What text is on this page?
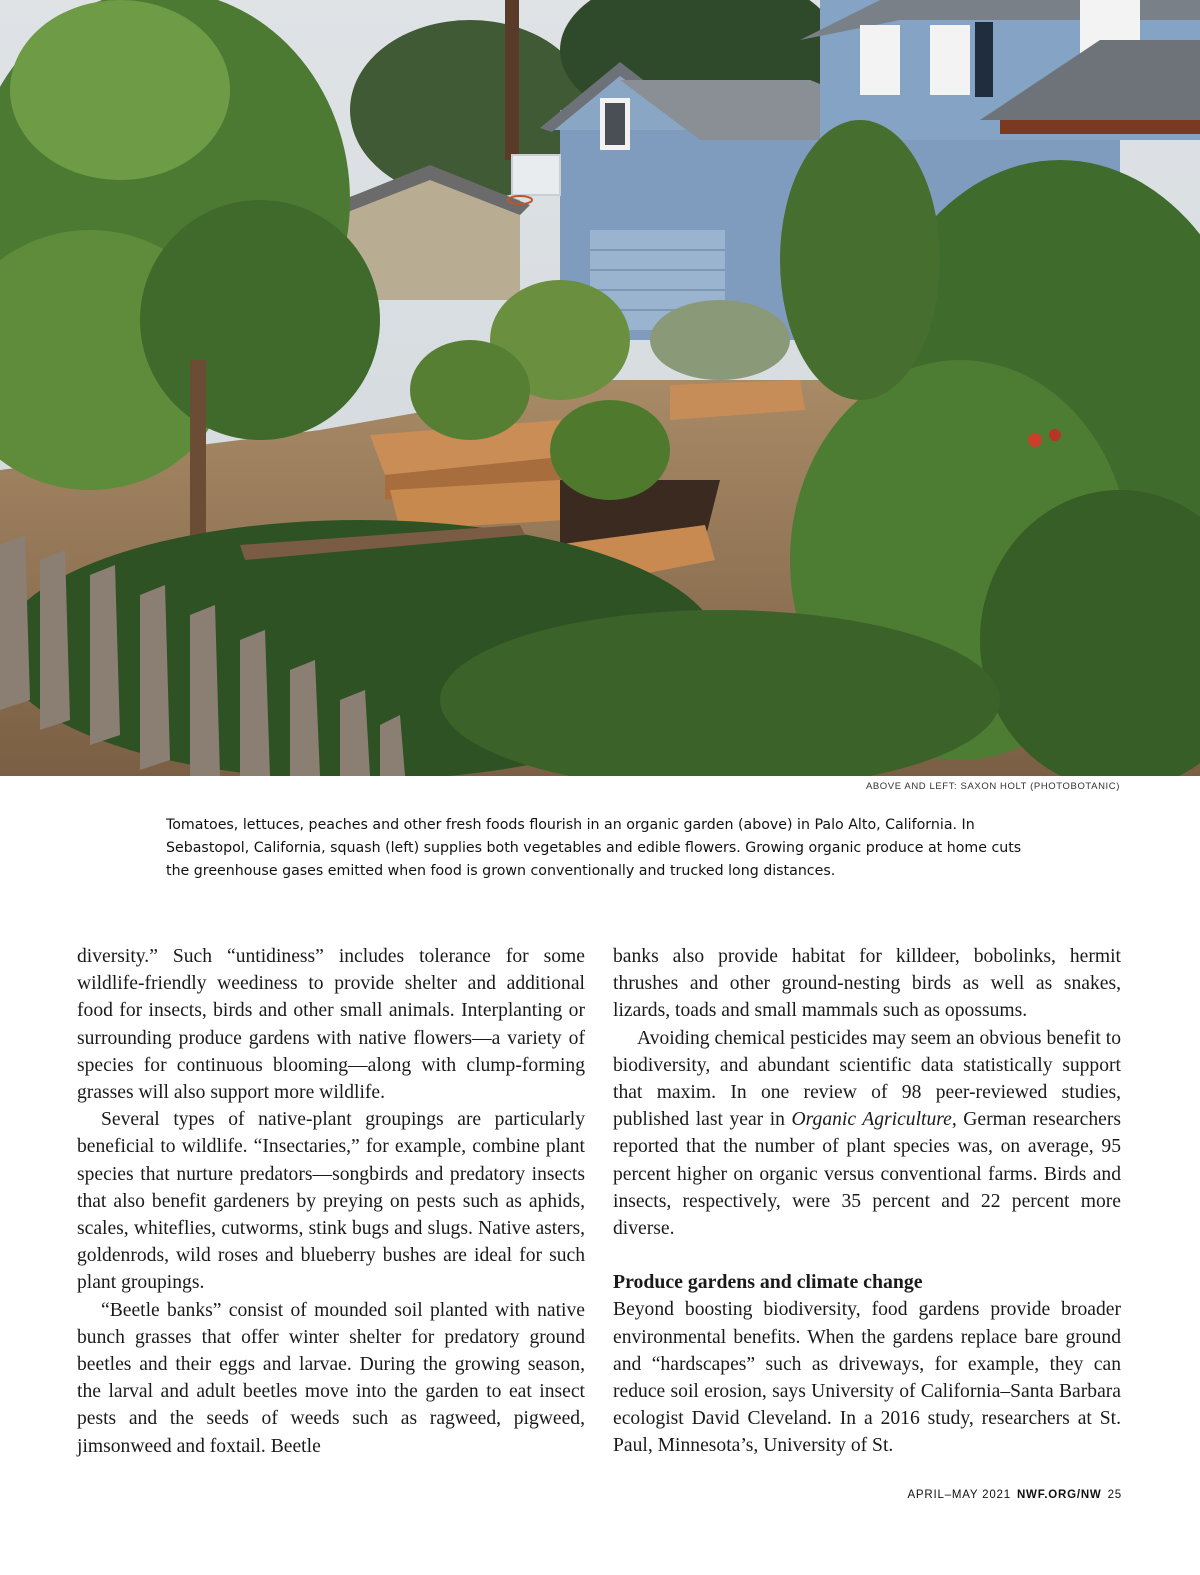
ABOVE AND LEFT: SAXON HOLT (PHOTOBOTANIC)

Tomatoes, lettuces, peaches and other fresh foods flourish in an organic garden (above) in Palo Alto, California. In Sebastopol, California, squash (left) supplies both vegetables and edible flowers. Growing organic produce at home cuts the greenhouse gases emitted when food is grown conventionally and trucked long distances.

diversity.” Such “untidiness” includes tolerance for some wildlife-friendly weediness to provide shelter and additional food for insects, birds and other small animals. Interplanting or surrounding produce gardens with native flowers—a variety of species for continuous blooming—along with clump-forming grasses will also support more wildlife.

Several types of native-plant groupings are particularly beneficial to wildlife. “Insectaries,” for example, combine plant species that nurture predators—songbirds and predatory insects that also benefit gardeners by preying on pests such as aphids, scales, whiteflies, cutworms, stink bugs and slugs. Native asters, goldenrods, wild roses and blueberry bushes are ideal for such plant groupings.

“Beetle banks” consist of mounded soil planted with native bunch grasses that offer winter shelter for predatory ground beetles and their eggs and larvae. During the growing season, the larval and adult beetles move into the garden to eat insect pests and the seeds of weeds such as ragweed, pigweed, jimsonweed and foxtail. Beetle

banks also provide habitat for killdeer, bobolinks, hermit thrushes and other ground-nesting birds as well as snakes, lizards, toads and small mammals such as opossums.

Avoiding chemical pesticides may seem an obvious benefit to biodiversity, and abundant scientific data statistically support that maxim. In one review of 98 peer-reviewed studies, published last year in Organic Agriculture, German researchers reported that the number of plant species was, on average, 95 percent higher on organic versus conventional farms. Birds and insects, respectively, were 35 percent and 22 percent more diverse.

Produce gardens and climate change

Beyond boosting biodiversity, food gardens provide broader environmental benefits. When the gardens replace bare ground and “hardscapes” such as driveways, for example, they can reduce soil erosion, says University of California–Santa Barbara ecologist David Cleveland. In a 2016 study, researchers at St. Paul, Minnesota’s, University of St.

APRIL–MAY 2021 NWF.ORG/NW 25
